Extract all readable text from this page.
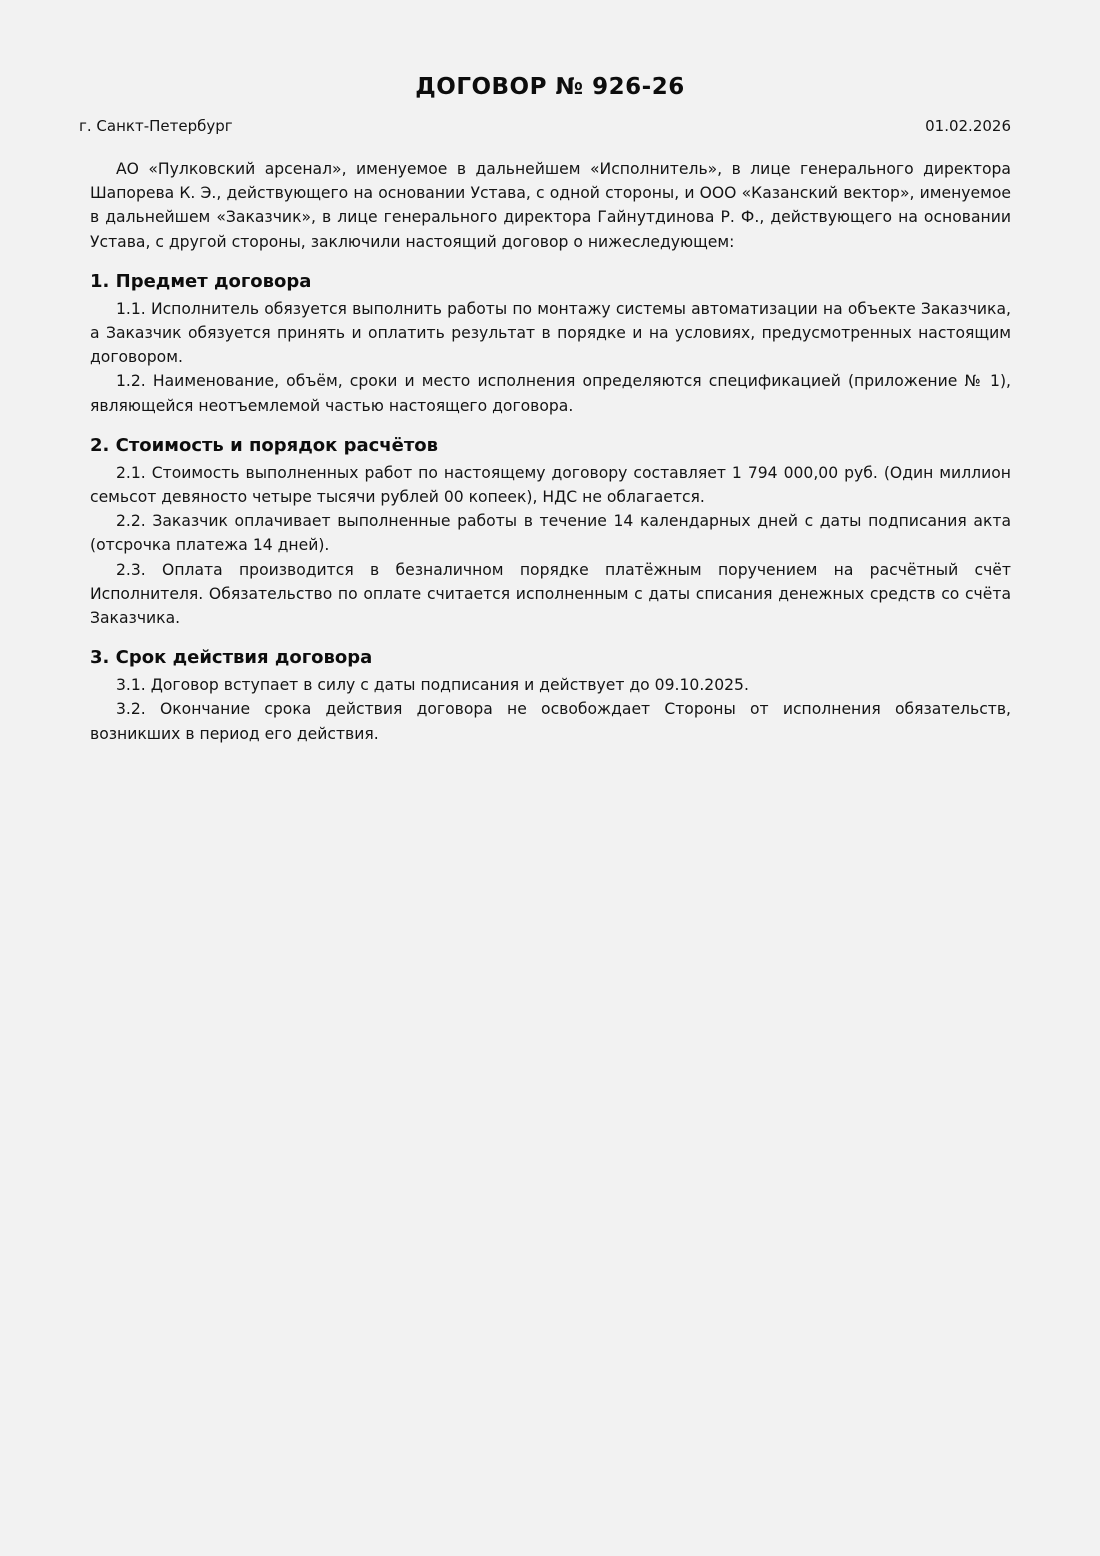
ДОГОВОР № 926-26
г. Санкт-Петербург	01.02.2026

АО «Пулковский арсенал», именуемое в дальнейшем «Исполнитель», в лице генерального директора Шапорева К. Э., действующего на основании Устава, с одной стороны, и ООО «Казанский вектор», именуемое в дальнейшем «Заказчик», в лице генерального директора Гайнутдинова Р. Ф., действующего на основании Устава, с другой стороны, заключили настоящий договор о нижеследующем:

1. Предмет договора

1.1. Исполнитель обязуется выполнить работы по монтажу системы автоматизации на объекте Заказчика, а Заказчик обязуется принять и оплатить результат в порядке и на условиях, предусмотренных настоящим договором.

1.2. Наименование, объём, сроки и место исполнения определяются спецификацией (приложение № 1), являющейся неотъемлемой частью настоящего договора.

2. Стоимость и порядок расчётов

2.1. Стоимость выполненных работ по настоящему договору составляет 1 794 000,00 руб. (Один миллион семьсот девяносто четыре тысячи рублей 00 копеек), НДС не облагается.

2.2. Заказчик оплачивает выполненные работы в течение 14 календарных дней с даты подписания акта (отсрочка платежа 14 дней).

2.3. Оплата производится в безналичном порядке платёжным поручением на расчётный счёт Исполнителя. Обязательство по оплате считается исполненным с даты списания денежных средств со счёта Заказчика.

3. Срок действия договора

3.1. Договор вступает в силу с даты подписания и действует до 09.10.2025.

3.2. Окончание срока действия договора не освобождает Стороны от исполнения обязательств, возникших в период его действия.
